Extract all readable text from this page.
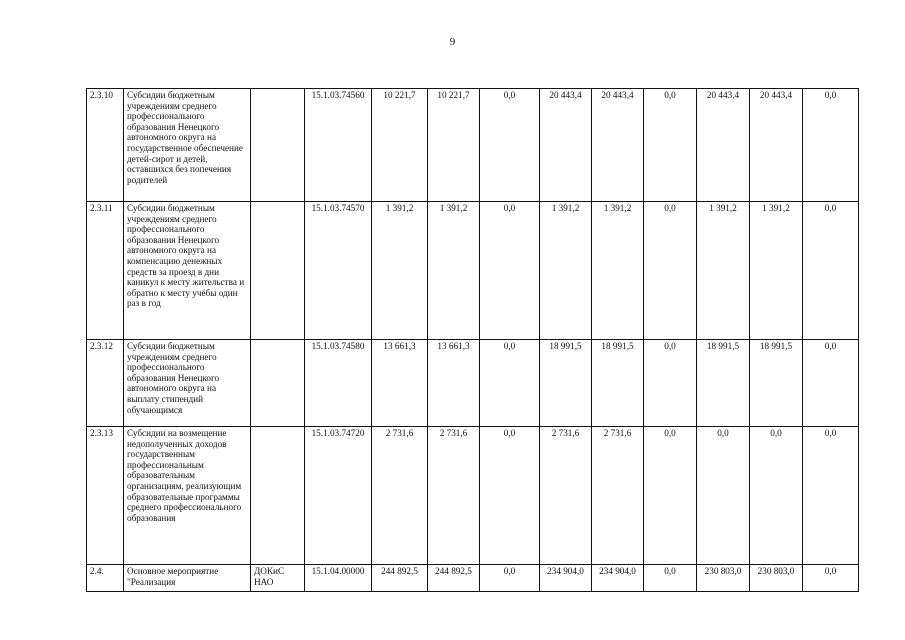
9
2.3.10	Субсидии бюджетным учреждениям среднего профессионального образования Ненецкого автономного округа на государственное обеспечение детей-сирот и детей, оставшихся без попечения родителей		15.1.03.74560	10 221,7	10 221,7	0,0	20 443,4	20 443,4	0,0	20 443,4	20 443,4	0,0
2.3.11	Субсидии бюджетным учреждениям среднего профессионального образования Ненецкого автономного округа на компенсацию денежных средств за проезд в дни каникул к месту жительства и обратно к месту учёбы один раз в год		15.1.03.74570	1 391,2	1 391,2	0,0	1 391,2	1 391,2	0,0	1 391,2	1 391,2	0,0
2.3.12	Субсидии бюджетным учреждениям среднего профессионального образования Ненецкого автономного округа на выплату стипендий обучающимся		15.1.03.74580	13 661,3	13 661,3	0,0	18 991,5	18 991,5	0,0	18 991,5	18 991,5	0,0
2.3.13	Субсидии на возмещение недополученных доходов государственным профессиональным образовательным организациям, реализующим образовательные программы среднего профессионального образования		15.1.03.74720	2 731,6	2 731,6	0,0	2 731,6	2 731,6	0,0	0,0	0,0	0,0
2.4.	Основное мероприятие "Реализация	ДОКиС НАО	15.1.04.00000	244 892,5	244 892,5	0,0	234 904,0	234 904,0	0,0	230 803,0	230 803,0	0,0
